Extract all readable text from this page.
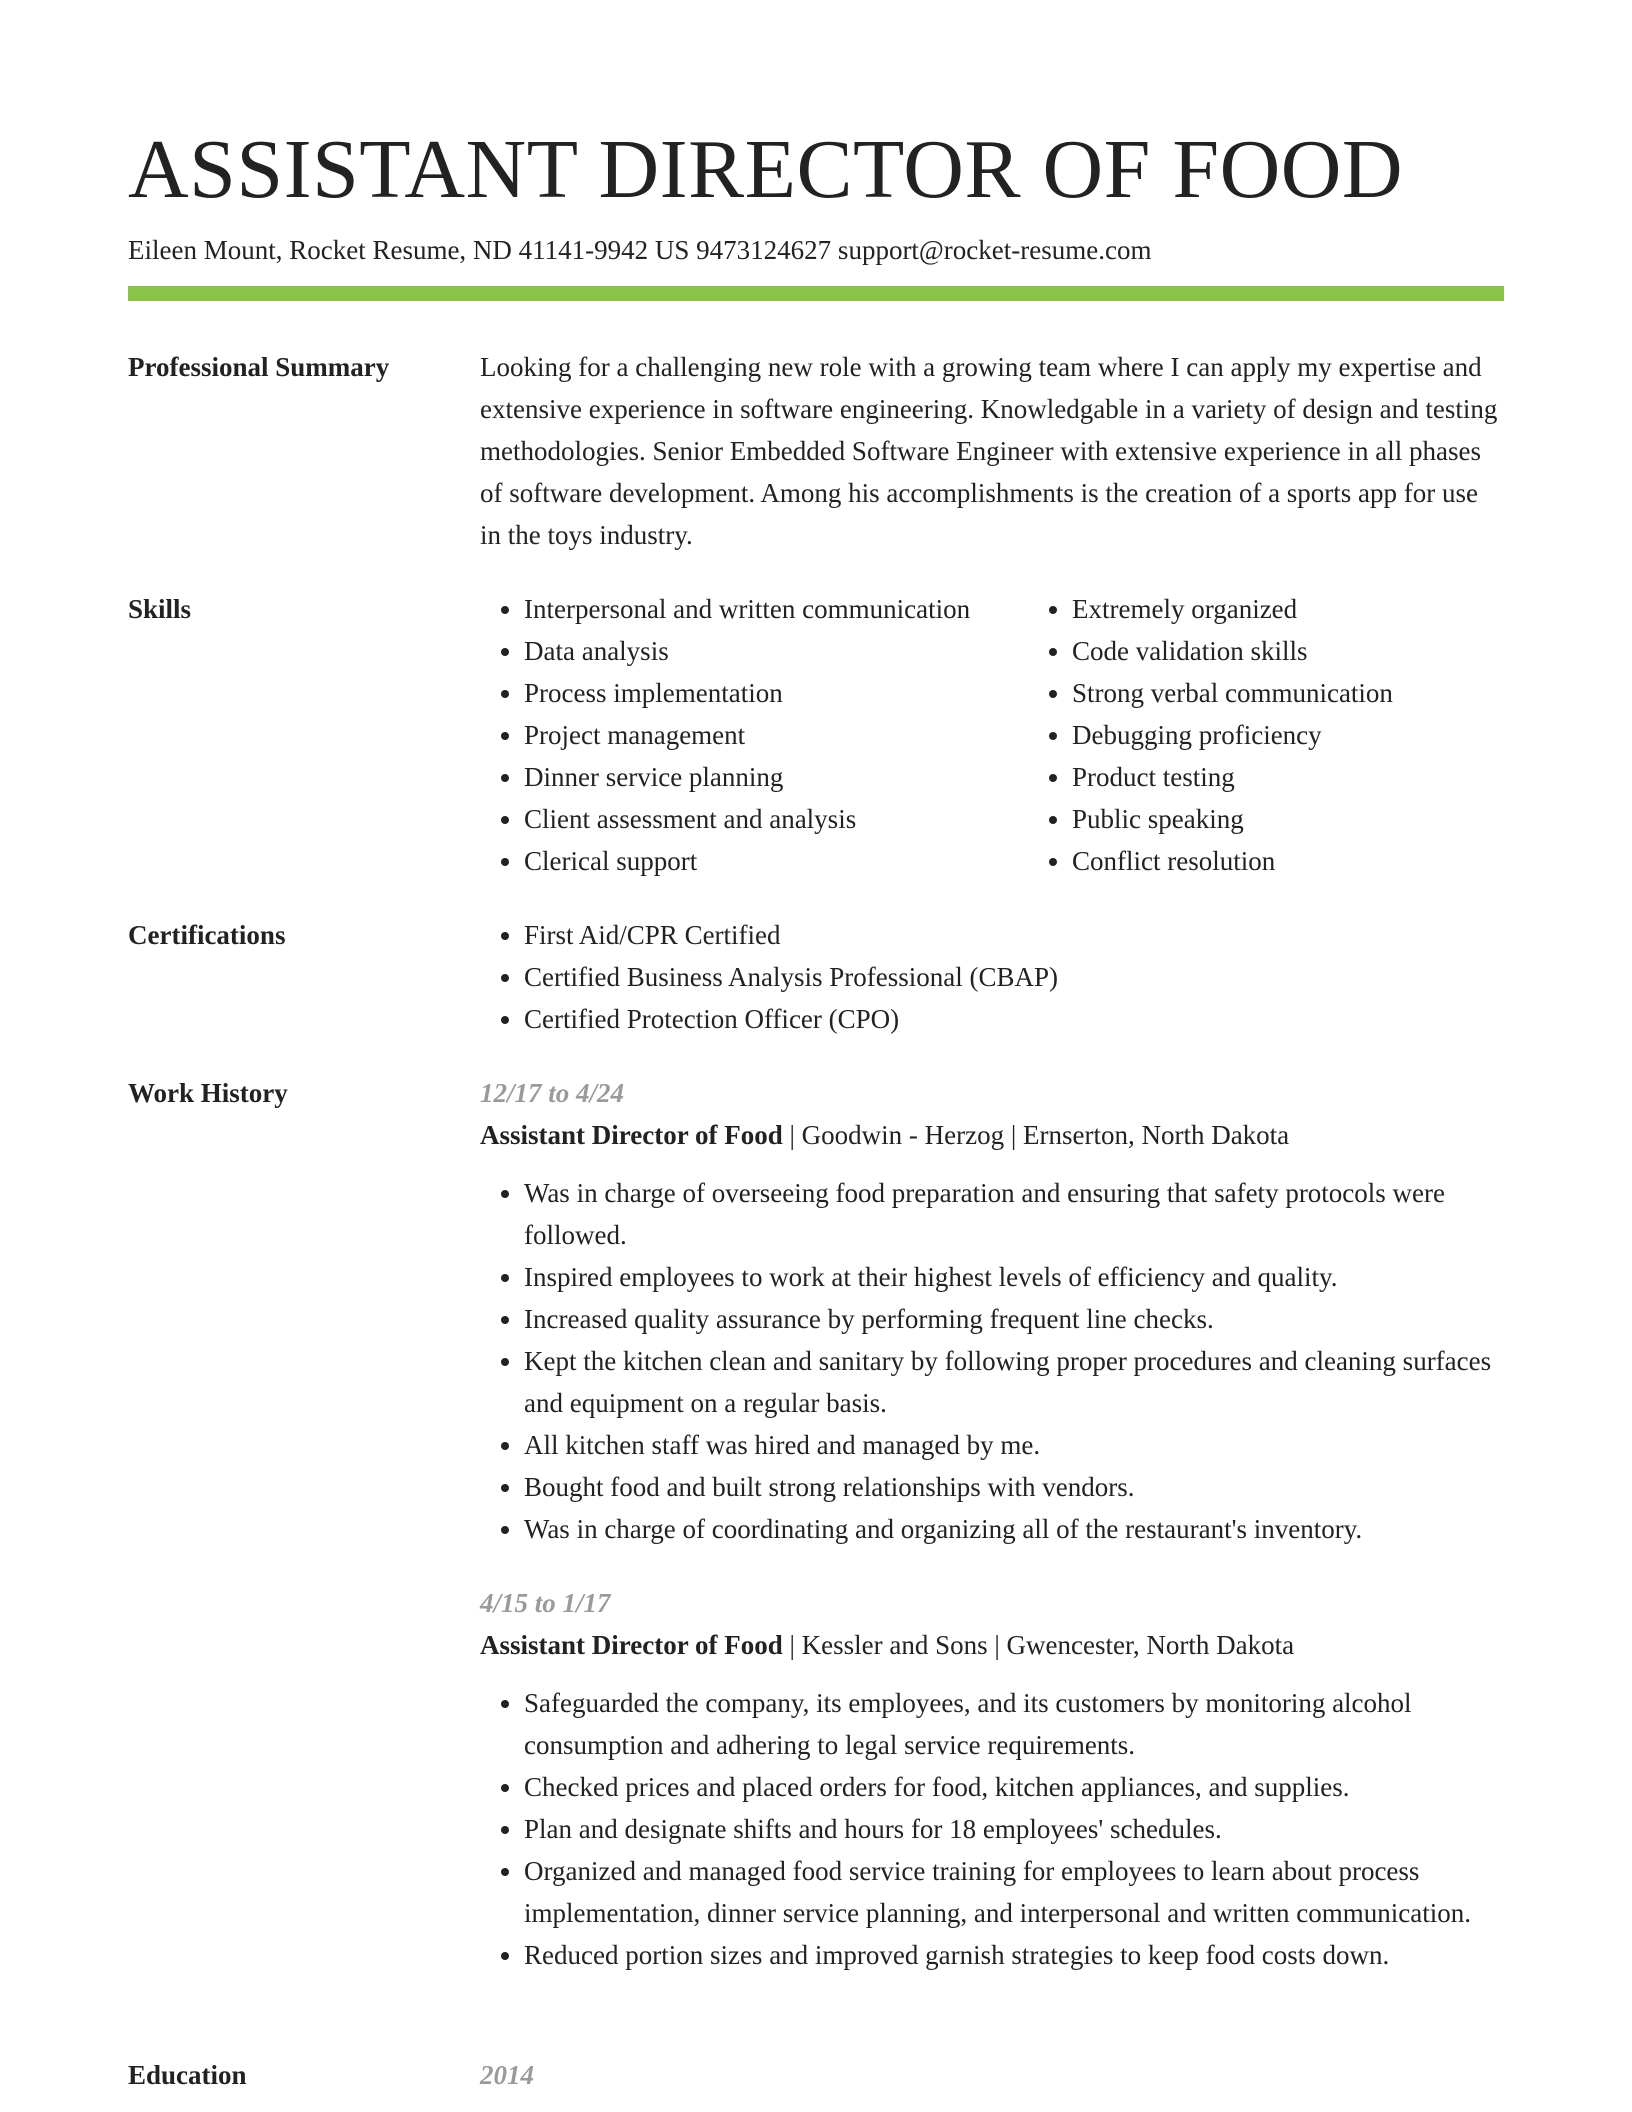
ASSISTANT DIRECTOR OF FOOD
Eileen Mount, Rocket Resume, ND 41141-9942 US 9473124627 support@rocket-resume.com
Professional Summary	Looking for a challenging new role with a growing team where I can apply my expertise and extensive experience in software engineering. Knowledgable in a variety of design and testing methodologies. Senior Embedded Software Engineer with extensive experience in all phases of software development. Among his accomplishments is the creation of a sports app for use in the toys industry.

Skills	• Interpersonal and written communication
• Data analysis
• Process implementation
• Project management
• Dinner service planning
• Client assessment and analysis
• Clerical support
• Extremely organized
• Code validation skills
• Strong verbal communication
• Debugging proficiency
• Product testing
• Public speaking
• Conflict resolution
Certifications	• First Aid/CPR Certified
• Certified Business Analysis Professional (CBAP)
• Certified Protection Officer (CPO)
Work History	12/17 to 4/24

Assistant Director of Food | Goodwin - Herzog | Ernserton, North Dakota

• Was in charge of overseeing food preparation and ensuring that safety protocols were followed.
• Inspired employees to work at their highest levels of efficiency and quality.
• Increased quality assurance by performing frequent line checks.
• Kept the kitchen clean and sanitary by following proper procedures and cleaning surfaces and equipment on a regular basis.
• All kitchen staff was hired and managed by me.
• Bought food and built strong relationships with vendors.
• Was in charge of coordinating and organizing all of the restaurant's inventory.

4/15 to 1/17

Assistant Director of Food | Kessler and Sons | Gwencester, North Dakota

• Safeguarded the company, its employees, and its customers by monitoring alcohol consumption and adhering to legal service requirements.
• Checked prices and placed orders for food, kitchen appliances, and supplies.
• Plan and designate shifts and hours for 18 employees' schedules.
• Organized and managed food service training for employees to learn about process implementation, dinner service planning, and interpersonal and written communication.
• Reduced portion sizes and improved garnish strategies to keep food costs down.
Education	2014
